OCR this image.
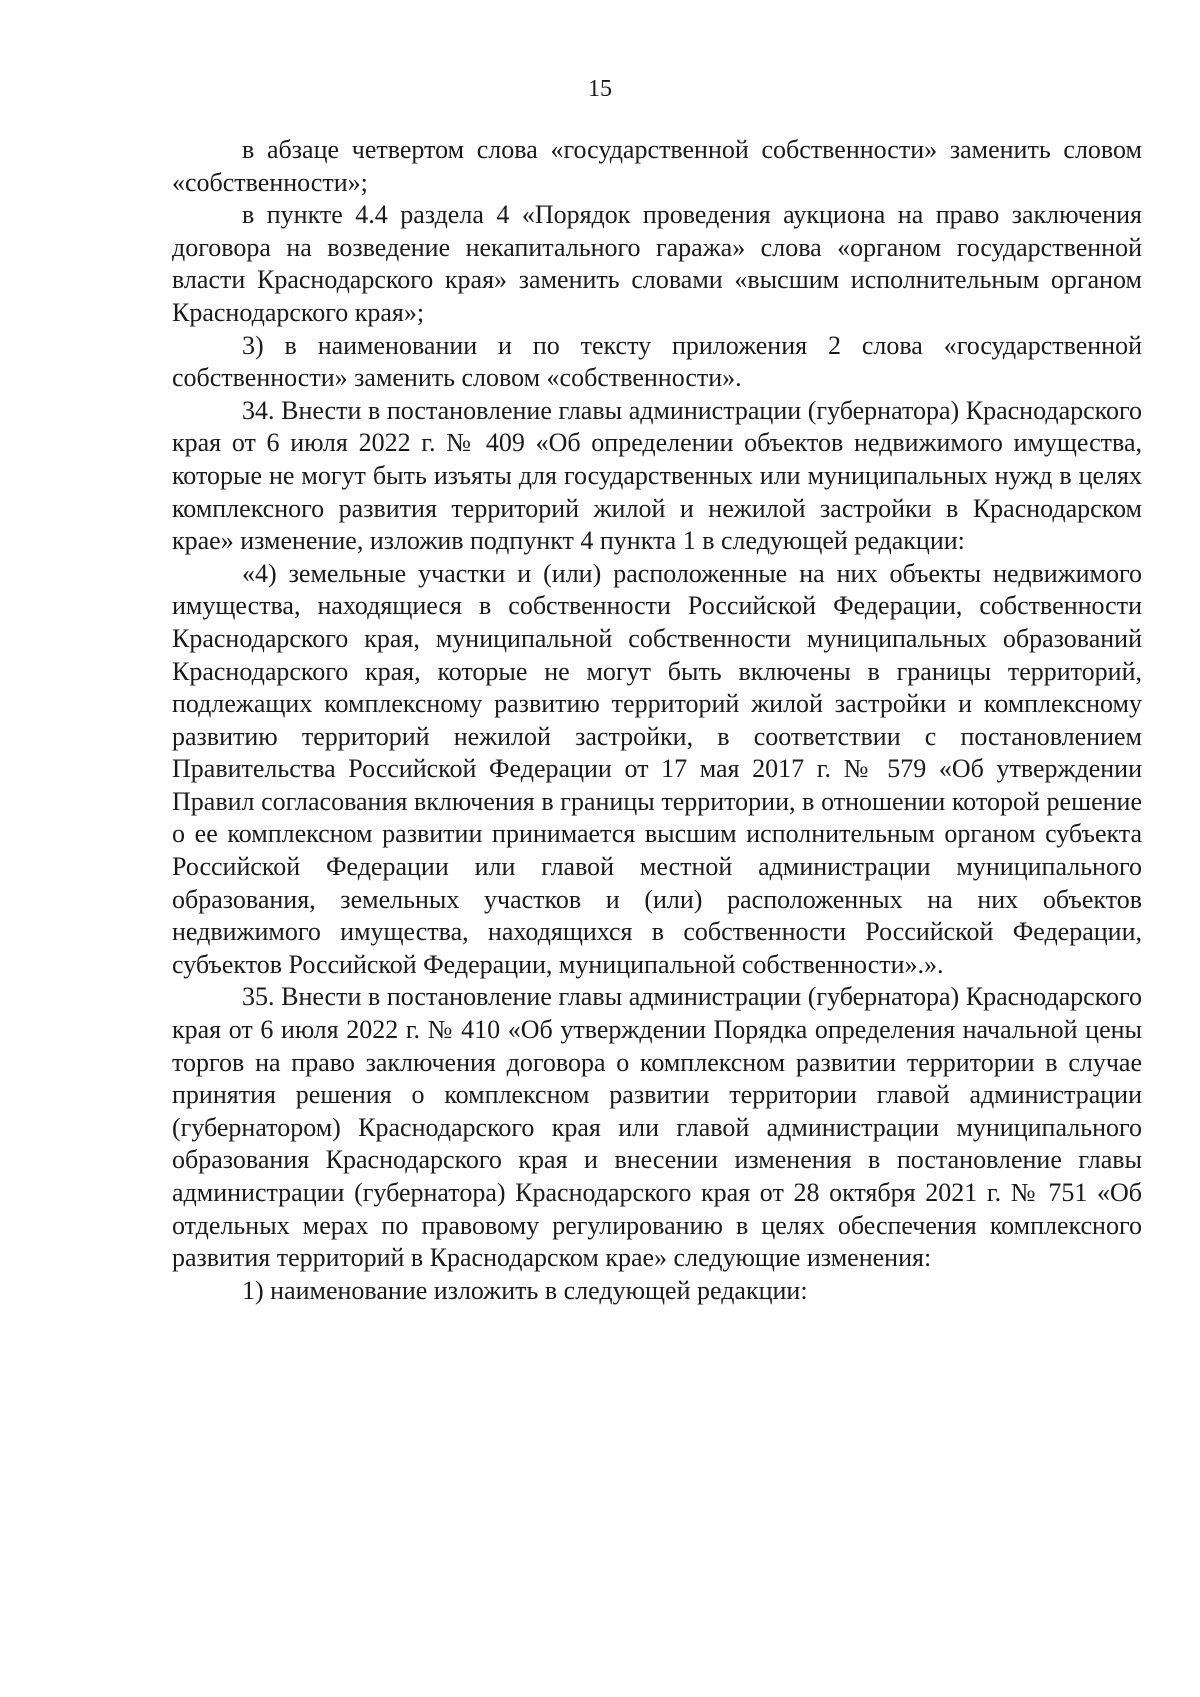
15

в абзаце четвертом слова «государственной собственности» заменить словом «собственности»;

в пункте 4.4 раздела 4 «Порядок проведения аукциона на право заключения договора на возведение некапитального гаража» слова «органом государственной власти Краснодарского края» заменить словами «высшим исполнительным органом Краснодарского края»;

3) в наименовании и по тексту приложения 2 слова «государственной собственности» заменить словом «собственности».

34. Внести в постановление главы администрации (губернатора) Краснодарского края от 6 июля 2022 г. № 409 «Об определении объектов недвижимого имущества, которые не могут быть изъяты для государственных или муниципальных нужд в целях комплексного развития территорий жилой и нежилой застройки в Краснодарском крае» изменение, изложив подпункт 4 пункта 1 в следующей редакции:

«4) земельные участки и (или) расположенные на них объекты недвижимого имущества, находящиеся в собственности Российской Федерации, собственности Краснодарского края, муниципальной собственности муниципальных образований Краснодарского края, которые не могут быть включены в границы территорий, подлежащих комплексному развитию территорий жилой застройки и комплексному развитию территорий нежилой застройки, в соответствии с постановлением Правительства Российской Федерации от 17 мая 2017 г. № 579 «Об утверждении Правил согласования включения в границы территории, в отношении которой решение о ее комплексном развитии принимается высшим исполнительным органом субъекта Российской Федерации или главой местной администрации муниципального образования, земельных участков и (или) расположенных на них объектов недвижимого имущества, находящихся в собственности Российской Федерации, субъектов Российской Федерации, муниципальной собственности».».

35. Внести в постановление главы администрации (губернатора) Краснодарского края от 6 июля 2022 г. № 410 «Об утверждении Порядка определения начальной цены торгов на право заключения договора о комплексном развитии территории в случае принятия решения о комплексном развитии территории главой администрации (губернатором) Краснодарского края или главой администрации муниципального образования Краснодарского края и внесении изменения в постановление главы администрации (губернатора) Краснодарского края от 28 октября 2021 г. № 751 «Об отдельных мерах по правовому регулированию в целях обеспечения комплексного развития территорий в Краснодарском крае» следующие изменения:

1) наименование изложить в следующей редакции:
